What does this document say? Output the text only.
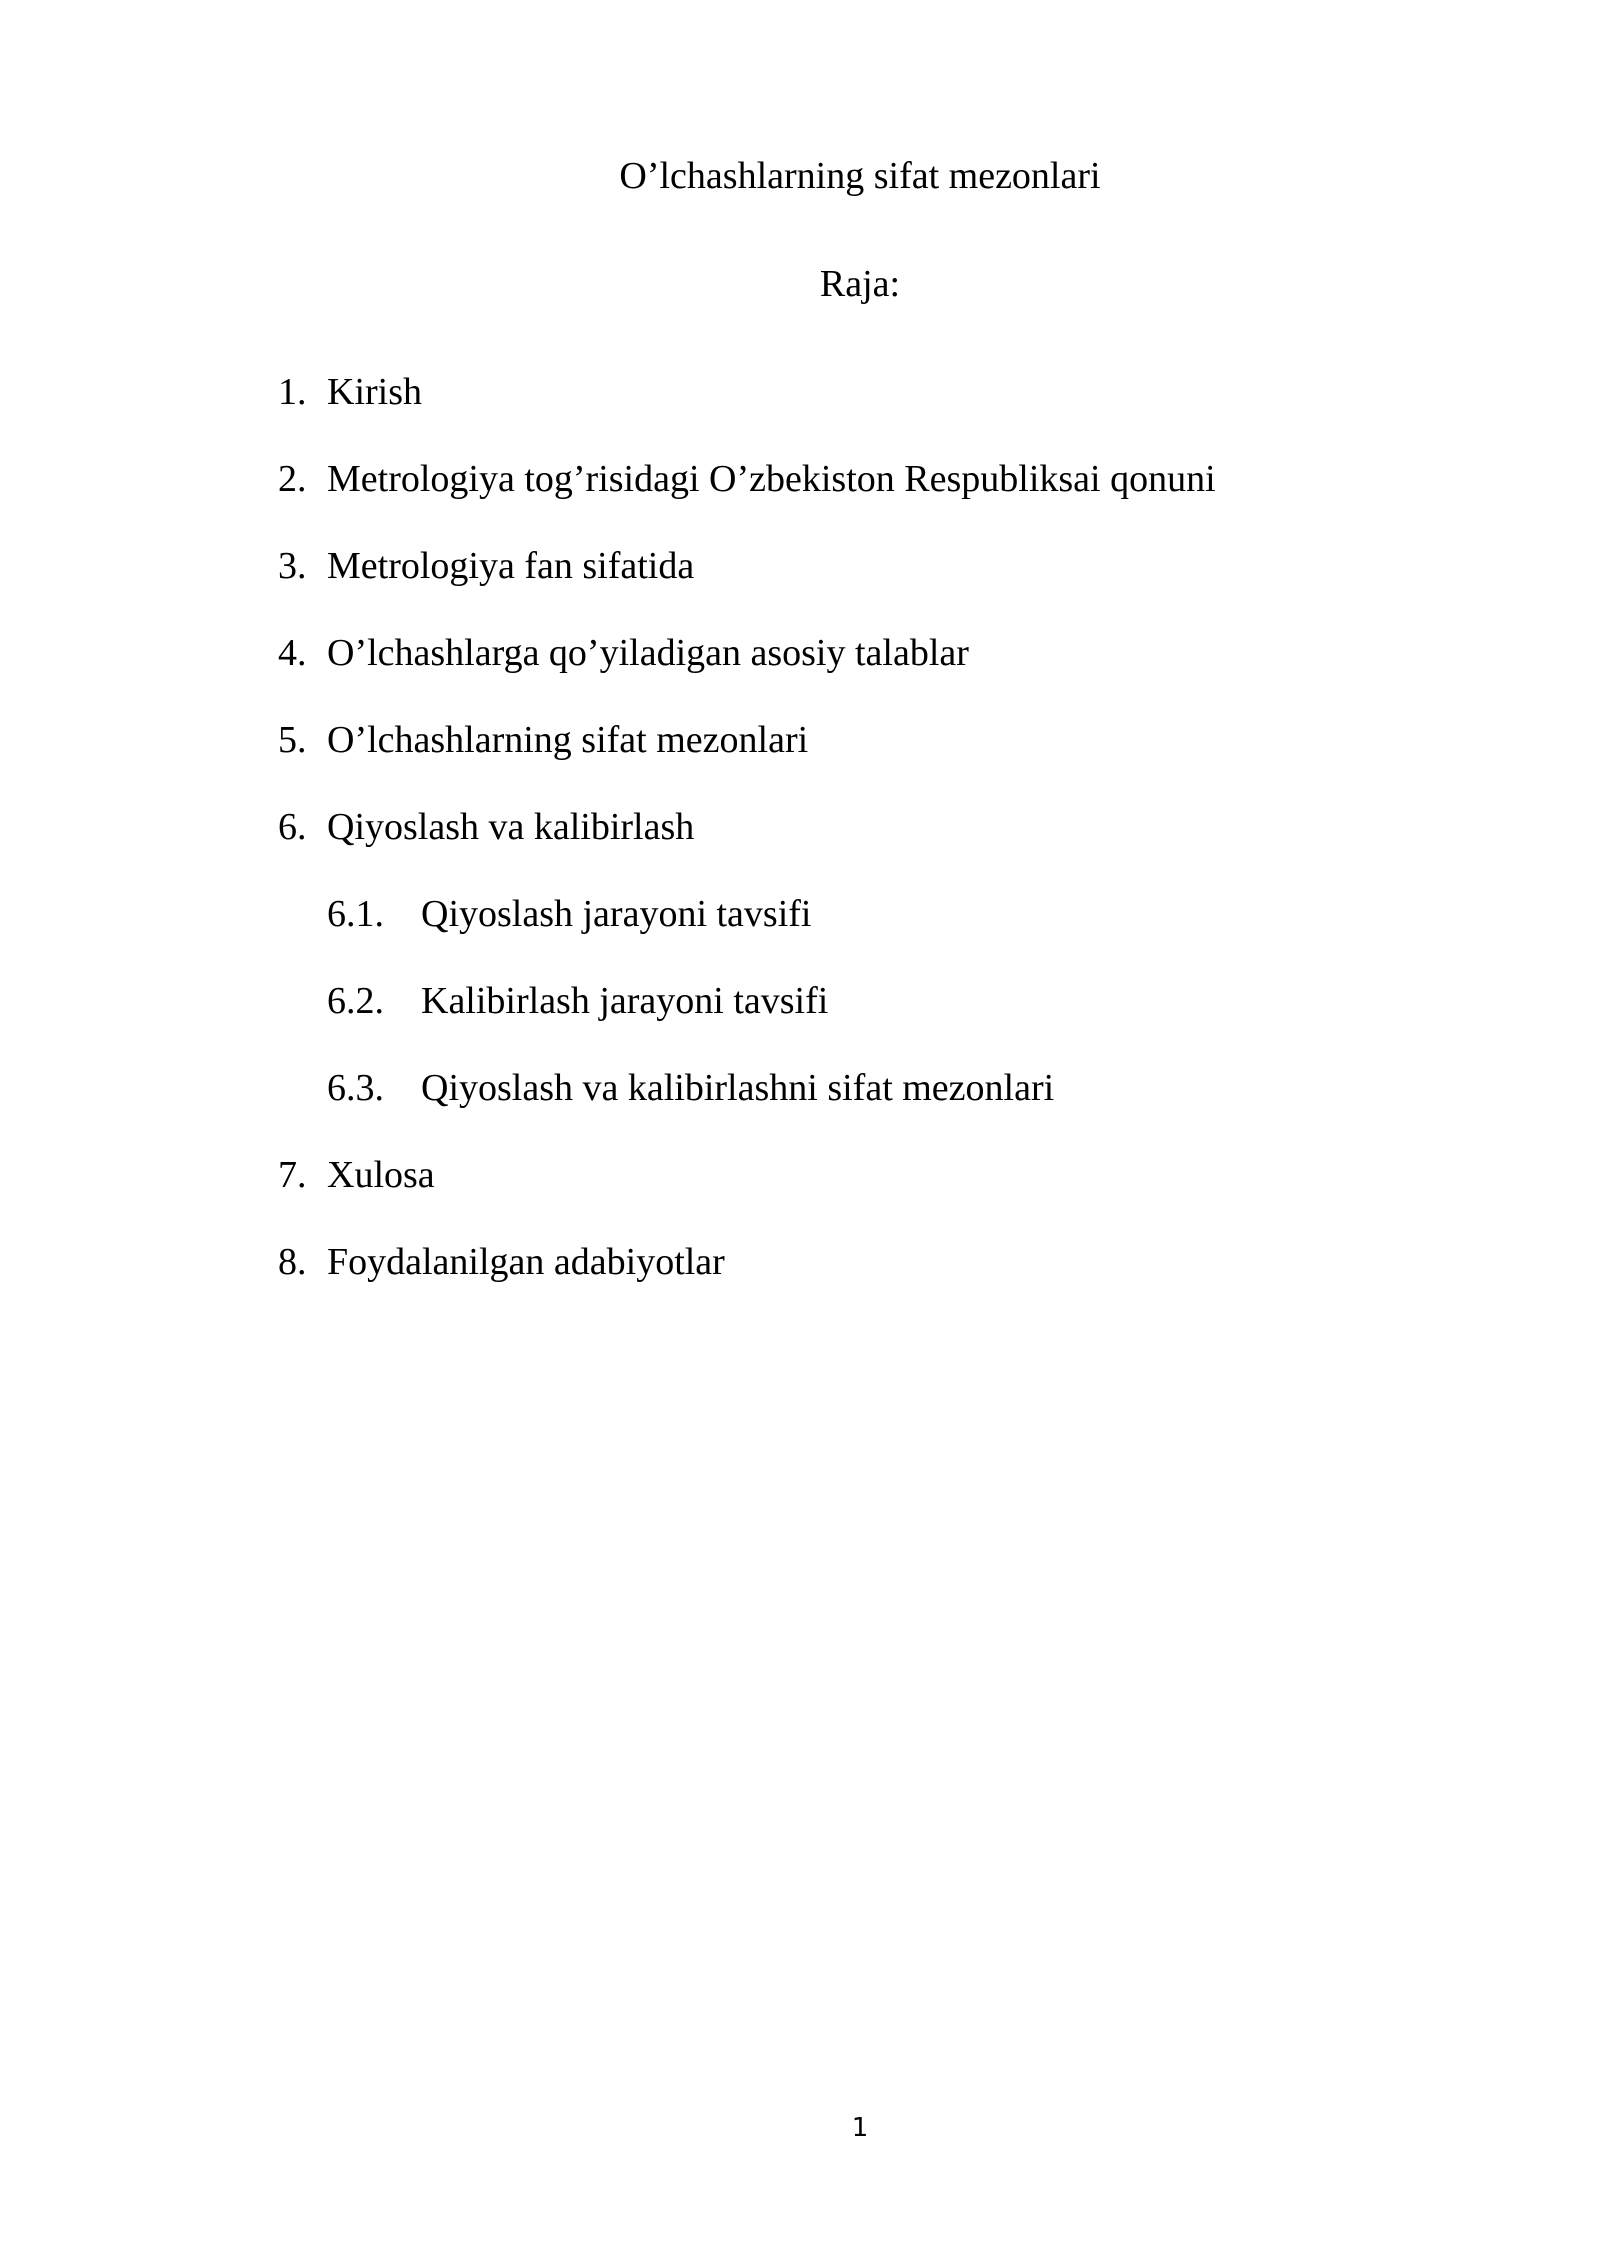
O’lchashlarning sifat mezonlari
Raja:
1. Kirish
2. Metrologiya tog’risidagi O’zbekiston Respubliksai qonuni
3. Metrologiya fan sifatida
4. O’lchashlarga qo’yiladigan asosiy talablar
5. O’lchashlarning sifat mezonlari
6. Qiyoslash va kalibirlash
6.1. Qiyoslash jarayoni tavsifi
6.2. Kalibirlash jarayoni tavsifi
6.3. Qiyoslash va kalibirlashni sifat mezonlari
7. Xulosa
8. Foydalanilgan adabiyotlar
1
